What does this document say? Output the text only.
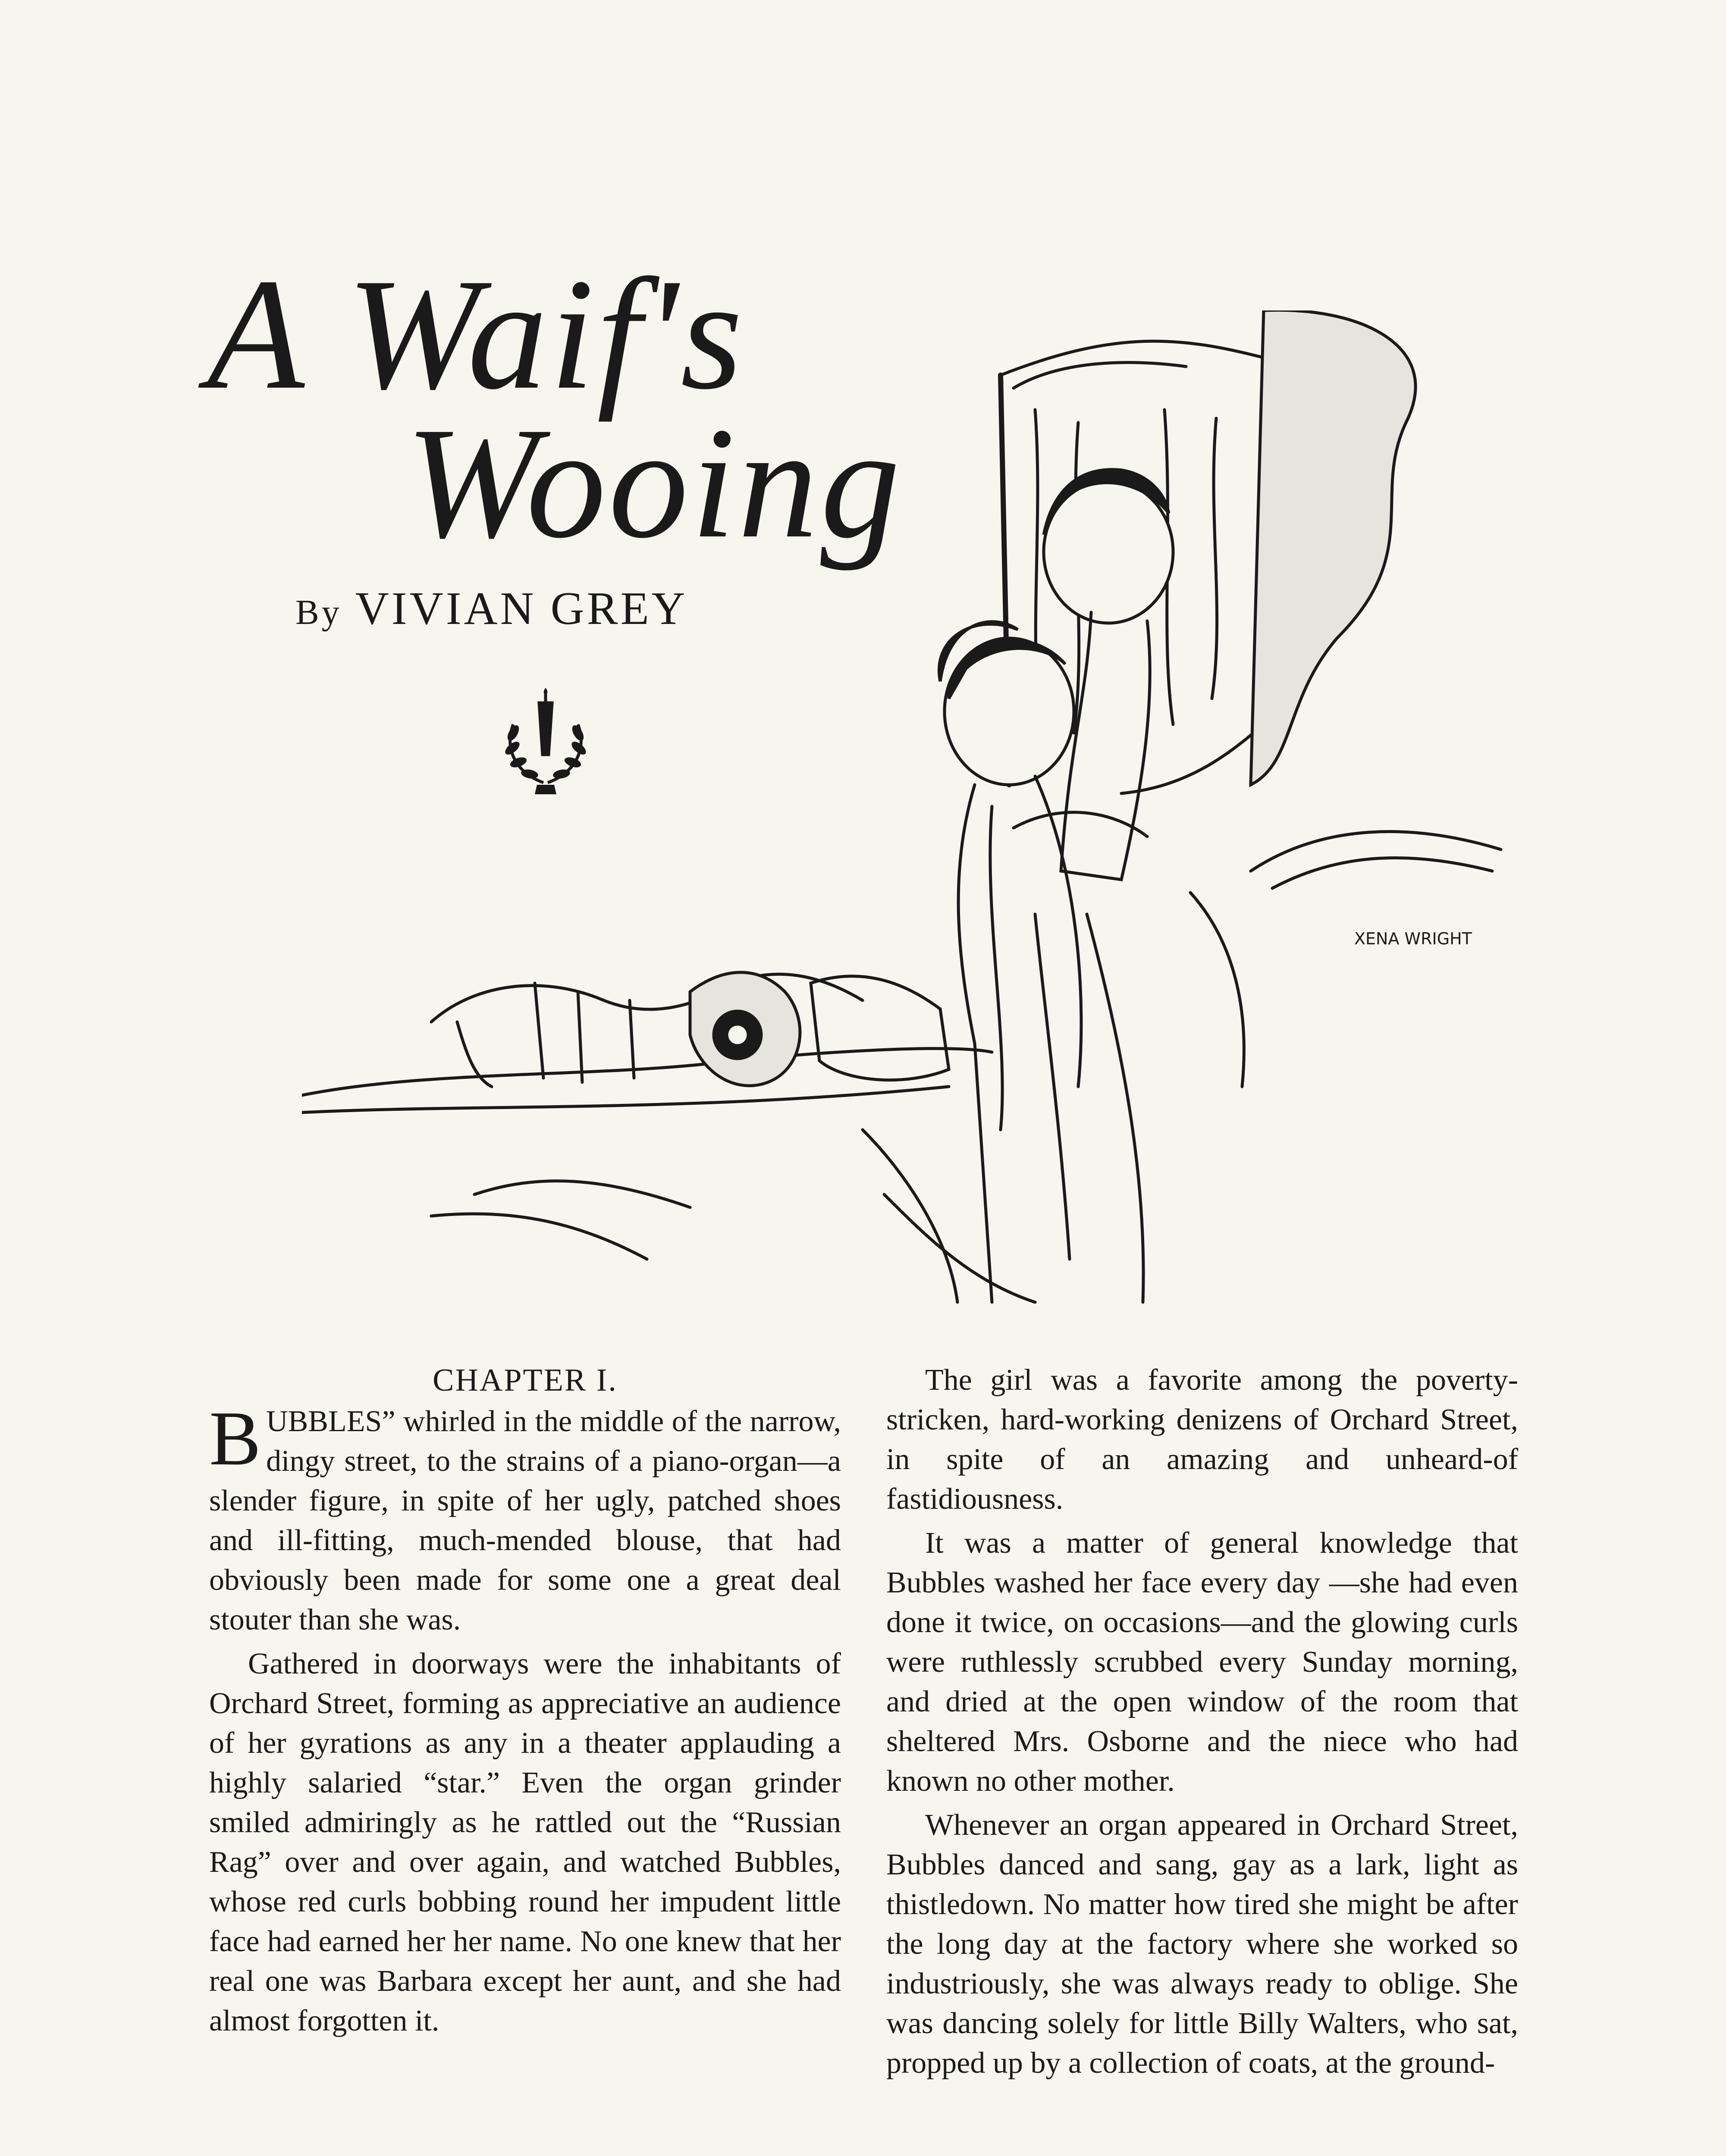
A Waif's
Wooing
By VIVIAN GREY
XENA WRIGHT
CHAPTER I.

BUBBLES” whirled in the middle of the narrow, dingy street, to the strains of a piano-organ—a slender figure, in spite of her ugly, patched shoes and ill-fitting, much-mended blouse, that had obviously been made for some one a great deal stouter than she was.

Gathered in doorways were the inhabitants of Orchard Street, forming as appreciative an audience of her gyrations as any in a theater applauding a highly salaried “star.” Even the organ grinder smiled admiringly as he rattled out the “Russian Rag” over and over again, and watched Bubbles, whose red curls bobbing round her impudent little face had earned her her name. No one knew that her real one was Barbara except her aunt, and she had almost forgotten it.

The girl was a favorite among the poverty-stricken, hard-working denizens of Orchard Street, in spite of an amazing and unheard-of fastidiousness.

It was a matter of general knowledge that Bubbles washed her face every day —she had even done it twice, on occasions—and the glowing curls were ruthlessly scrubbed every Sunday morning, and dried at the open window of the room that sheltered Mrs. Osborne and the niece who had known no other mother.

Whenever an organ appeared in Orchard Street, Bubbles danced and sang, gay as a lark, light as thistledown. No matter how tired she might be after the long day at the factory where she worked so industriously, she was always ready to oblige. She was dancing solely for little Billy Walters, who sat, propped up by a collection of coats, at the ground-
